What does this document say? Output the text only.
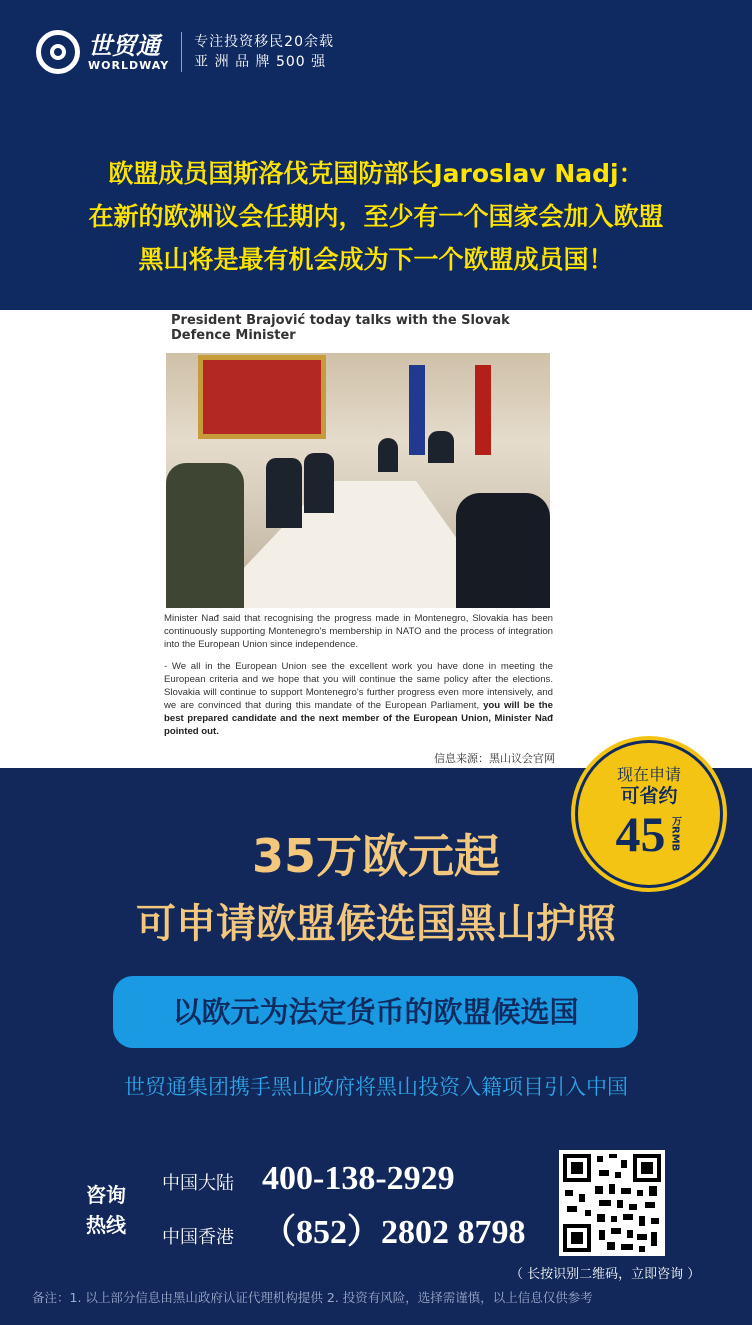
世贸通
WORLDWAY
专注投资移民20余载
亚 洲 品 牌 500 强
欧盟成员国斯洛伐克国防部长Jaroslav Nadj：
在新的欧洲议会任期内，至少有一个国家会加入欧盟
黑山将是最有机会成为下一个欧盟成员国！
President Brajović today talks with the Slovak Defence Minister

Minister Nađ said that recognising the progress made in Montenegro, Slovakia has been continuously supporting Montenegro's membership in NATO and the process of integration into the European Union since independence.

- We all in the European Union see the excellent work you have done in meeting the European criteria and we hope that you will continue the same policy after the elections. Slovakia will continue to support Montenegro's further progress even more intensively, and we are convinced that during this mandate of the European Parliament, you will be the best prepared candidate and the next member of the European Union, Minister Nađ pointed out.

信息来源：黑山议会官网
现在申请
可省约
45 万RMB
35万欧元起
可申请欧盟候选国黑山护照
以欧元为法定货币的欧盟候选国
世贸通集团携手黑山政府将黑山投资入籍项目引入中国
咨询
热线
中国大陆 400-138-2929
中国香港 （852）2802 8798
（ 长按识别二维码，立即咨询 ）
备注：1. 以上部分信息由黑山政府认证代理机构提供 2. 投资有风险，选择需谨慎，以上信息仅供参考
